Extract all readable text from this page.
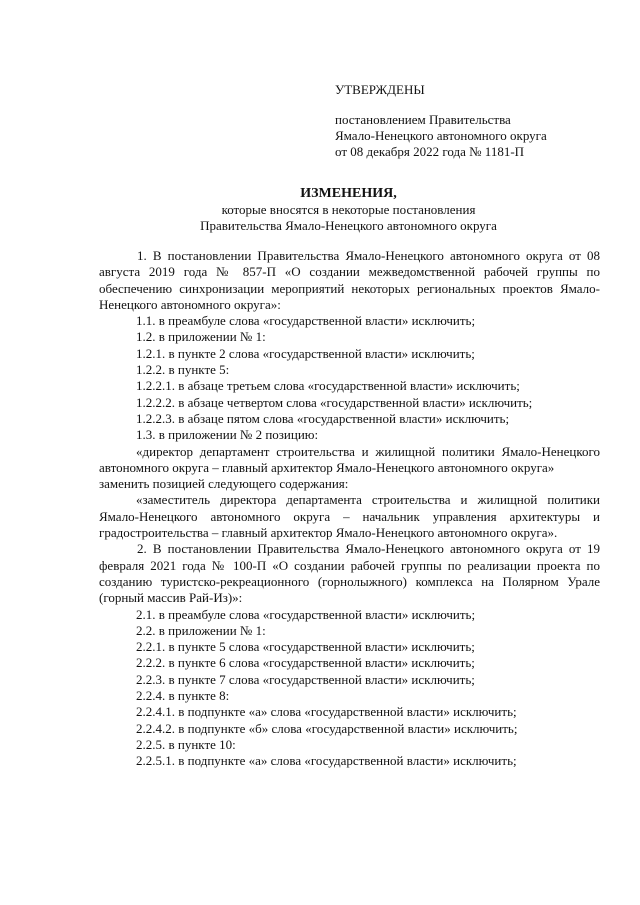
УТВЕРЖДЕНЫ
постановлением Правительства
Ямало-Ненецкого автономного округа
от 08 декабря 2022 года № 1181-П
ИЗМЕНЕНИЯ,
которые вносятся в некоторые постановления
Правительства Ямало-Ненецкого автономного округа

1. В постановлении Правительства Ямало-Ненецкого автономного округа от 08 августа 2019 года № 857-П «О создании межведомственной рабочей группы по обеспечению синхронизации мероприятий некоторых региональных проектов Ямало-Ненецкого автономного округа»:

1.1. в преамбуле слова «государственной власти» исключить;

1.2. в приложении № 1:

1.2.1. в пункте 2 слова «государственной власти» исключить;

1.2.2. в пункте 5:

1.2.2.1. в абзаце третьем слова «государственной власти» исключить;

1.2.2.2. в абзаце четвертом слова «государственной власти» исключить;

1.2.2.3. в абзаце пятом слова «государственной власти» исключить;

1.3. в приложении № 2 позицию:

«директор департамент строительства и жилищной политики Ямало-Ненецкого автономного округа – главный архитектор Ямало-Ненецкого автономного округа»

заменить позицией следующего содержания:

«заместитель директора департамента строительства и жилищной политики Ямало-Ненецкого автономного округа – начальник управления архитектуры и градостроительства – главный архитектор Ямало-Ненецкого автономного округа».

2. В постановлении Правительства Ямало-Ненецкого автономного округа от 19 февраля 2021 года № 100-П «О создании рабочей группы по реализации проекта по созданию туристско-рекреационного (горнолыжного) комплекса на Полярном Урале (горный массив Рай-Из)»:

2.1. в преамбуле слова «государственной власти» исключить;

2.2. в приложении № 1:

2.2.1. в пункте 5 слова «государственной власти» исключить;

2.2.2. в пункте 6 слова «государственной власти» исключить;

2.2.3. в пункте 7 слова «государственной власти» исключить;

2.2.4. в пункте 8:

2.2.4.1. в подпункте «а» слова «государственной власти» исключить;

2.2.4.2. в подпункте «б» слова «государственной власти» исключить;

2.2.5. в пункте 10:

2.2.5.1. в подпункте «а» слова «государственной власти» исключить;
